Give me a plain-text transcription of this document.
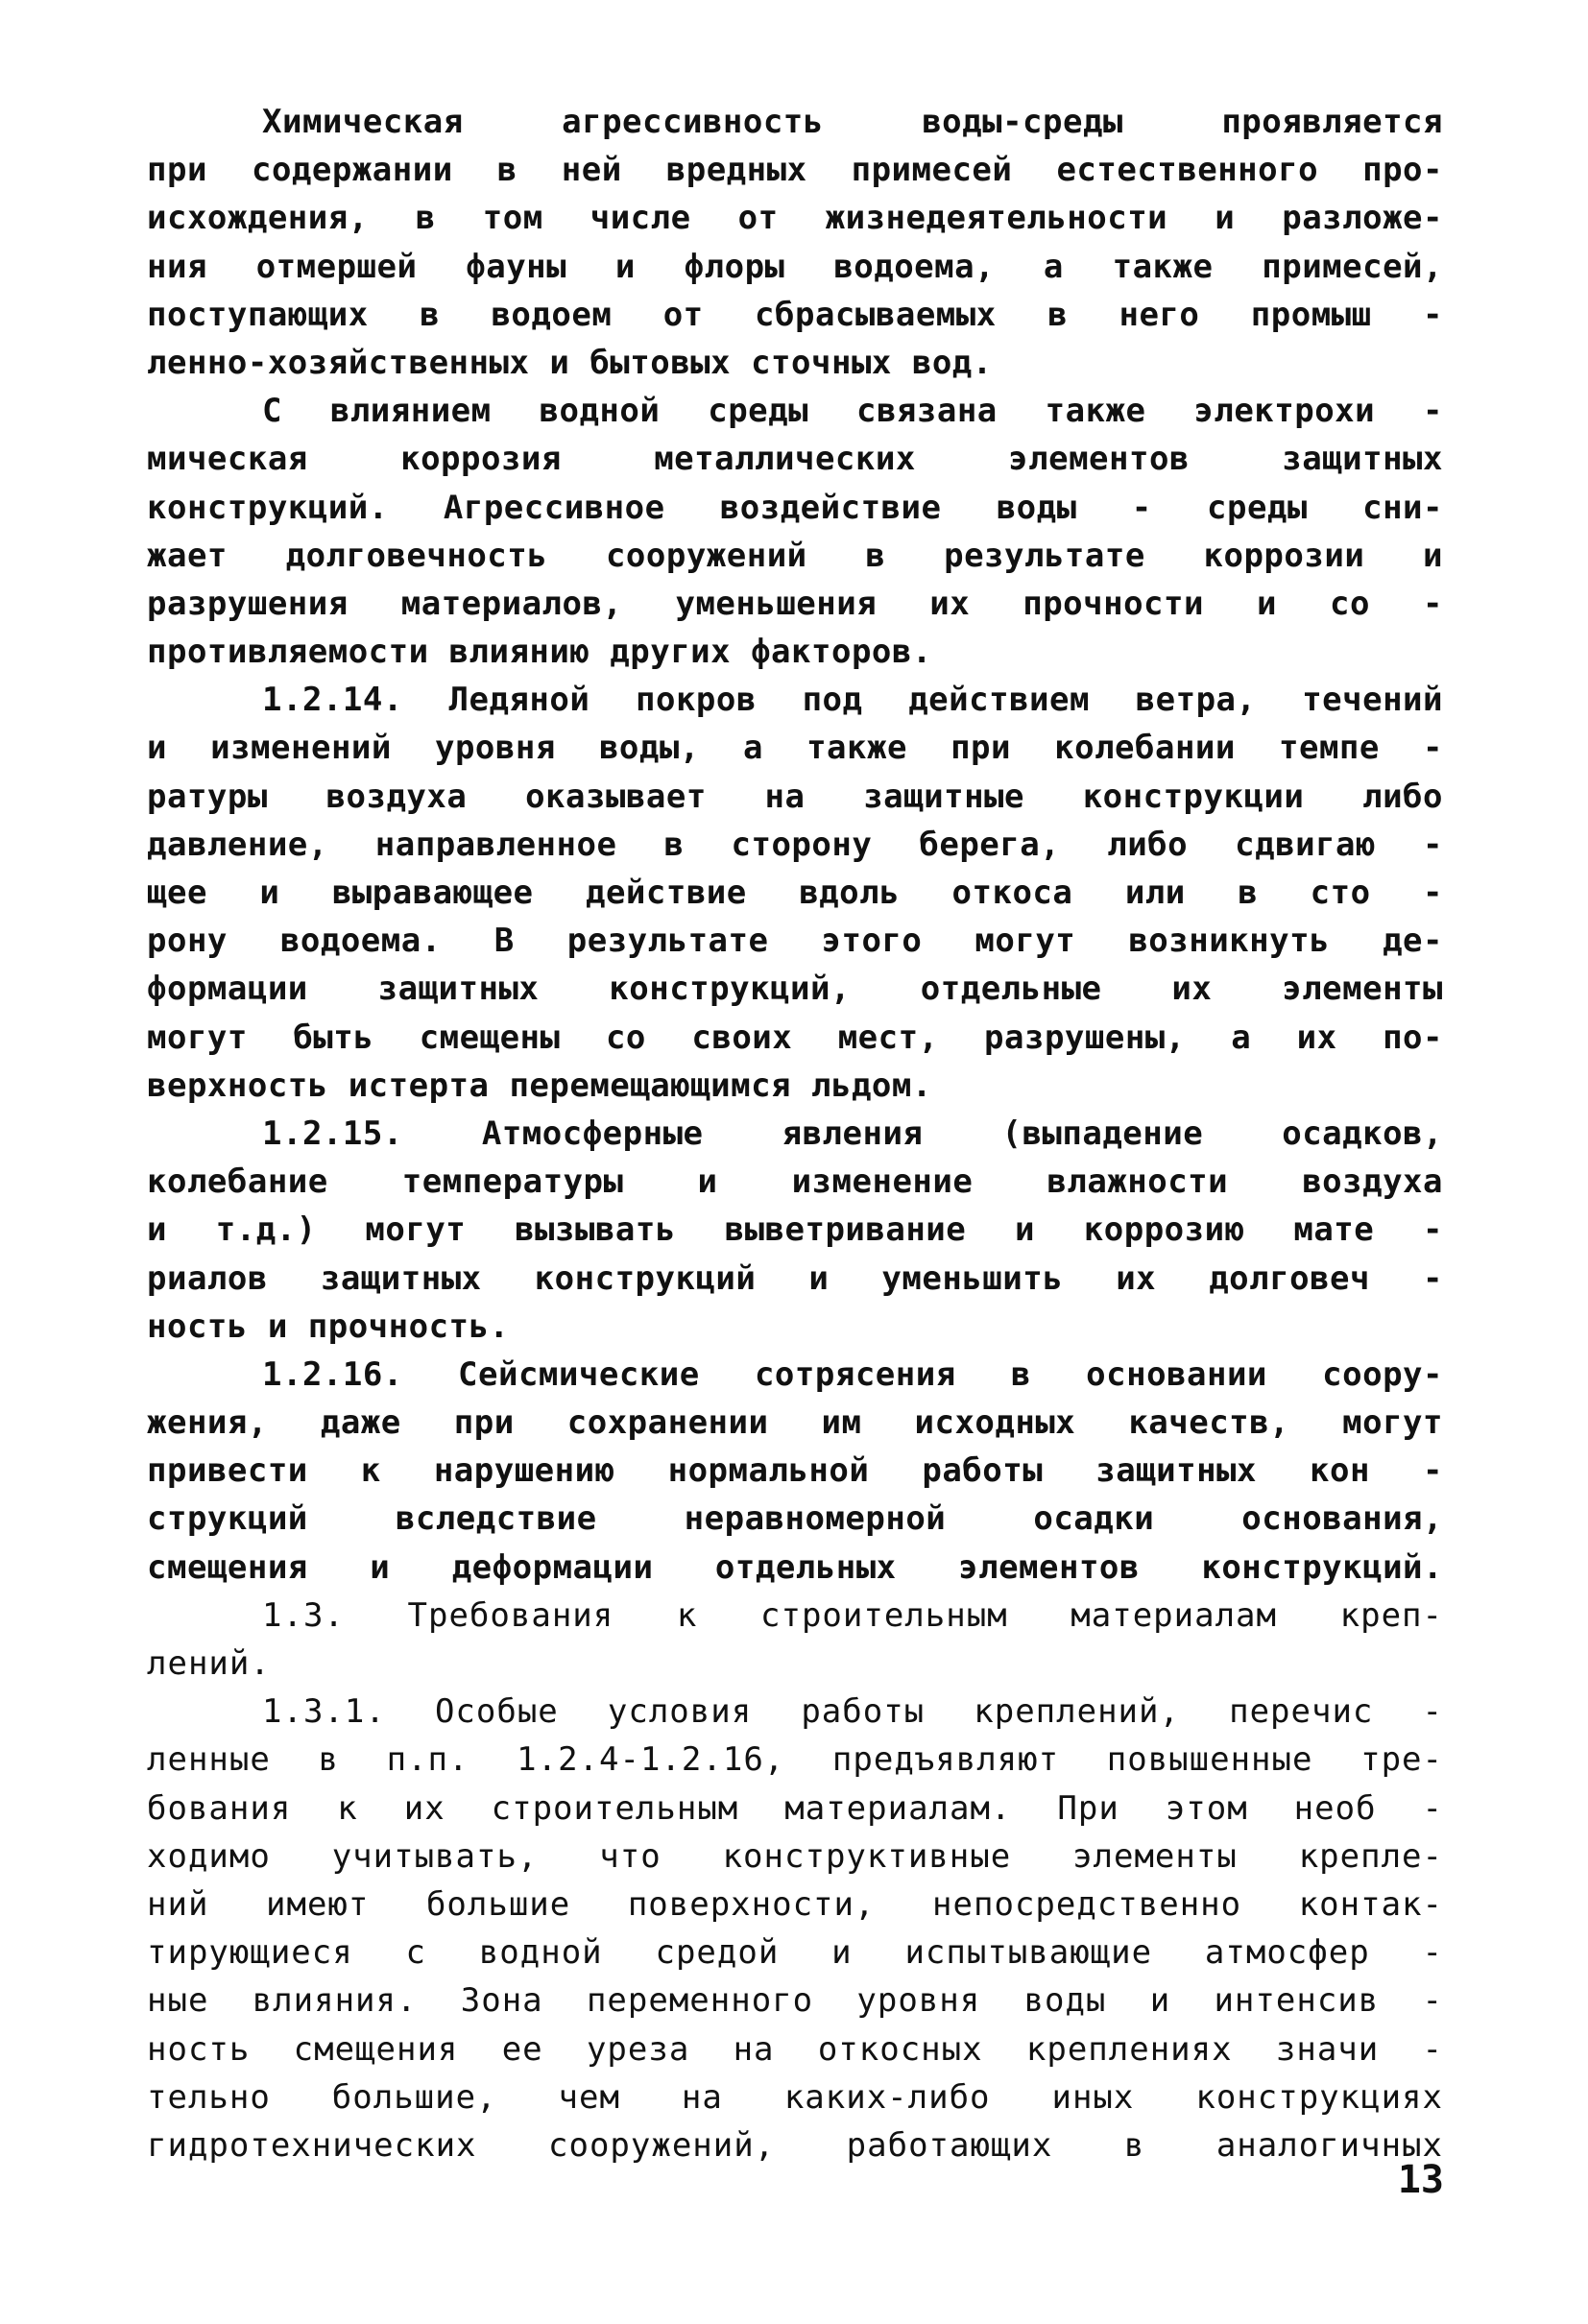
Химическая агрессивность воды-среды проявляется
при содержании в ней вредных примесей естественного про-
исхождения, в том числе от жизнедеятельности и разложе-
ния отмершей фауны и флоры водоема, а также примесей,
поступающих в водоем от сбрасываемых в него промыш -
ленно-хозяйственных и бытовых сточных вод.
С влиянием водной среды связана также электрохи -
мическая коррозия металлических элементов защитных
конструкций. Агрессивное воздействие воды - среды сни-
жает долговечность сооружений в результате коррозии и
разрушения материалов, уменьшения их прочности и со -
противляемости влиянию других факторов.
1.2.14. Ледяной покров под действием ветра, течений
и изменений уровня воды, а также при колебании темпе -
ратуры воздуха оказывает на защитные конструкции либо
давление, направленное в сторону берега, либо сдвигаю -
щее и выравающее действие вдоль откоса или в сто -
рону водоема. В результате этого могут возникнуть де-
формации защитных конструкций, отдельные их элементы
могут быть смещены со своих мест, разрушены, а их по-
верхность истерта перемещающимся льдом.
1.2.15. Атмосферные явления (выпадение осадков,
колебание температуры и изменение влажности воздуха
и т.д.) могут вызывать выветривание и коррозию мате -
риалов защитных конструкций и уменьшить их долговеч -
ность и прочность.
1.2.16. Сейсмические сотрясения в основании соору-
жения, даже при сохранении им исходных качеств, могут
привести к нарушению нормальной работы защитных кон -
струкций вследствие неравномерной осадки основания,
смещения и деформации отдельных элементов конструкций.
1.3. Требования к строительным материалам креп-
лений.
1.3.1. Особые условия работы креплений, перечис -
ленные в п.п. 1.2.4-1.2.16, предъявляют повышенные тре-
бования к их строительным материалам. При этом необ -
ходимо учитывать, что конструктивные элементы крепле-
ний имеют большие поверхности, непосредственно контак-
тирующиеся с водной средой и испытывающие атмосфер -
ные влияния. Зона переменного уровня воды и интенсив -
ность смещения ее уреза на откосных креплениях значи -
тельно большие, чем на каких-либо иных конструкциях
гидротехнических сооружений, работающих в аналогичных
13
